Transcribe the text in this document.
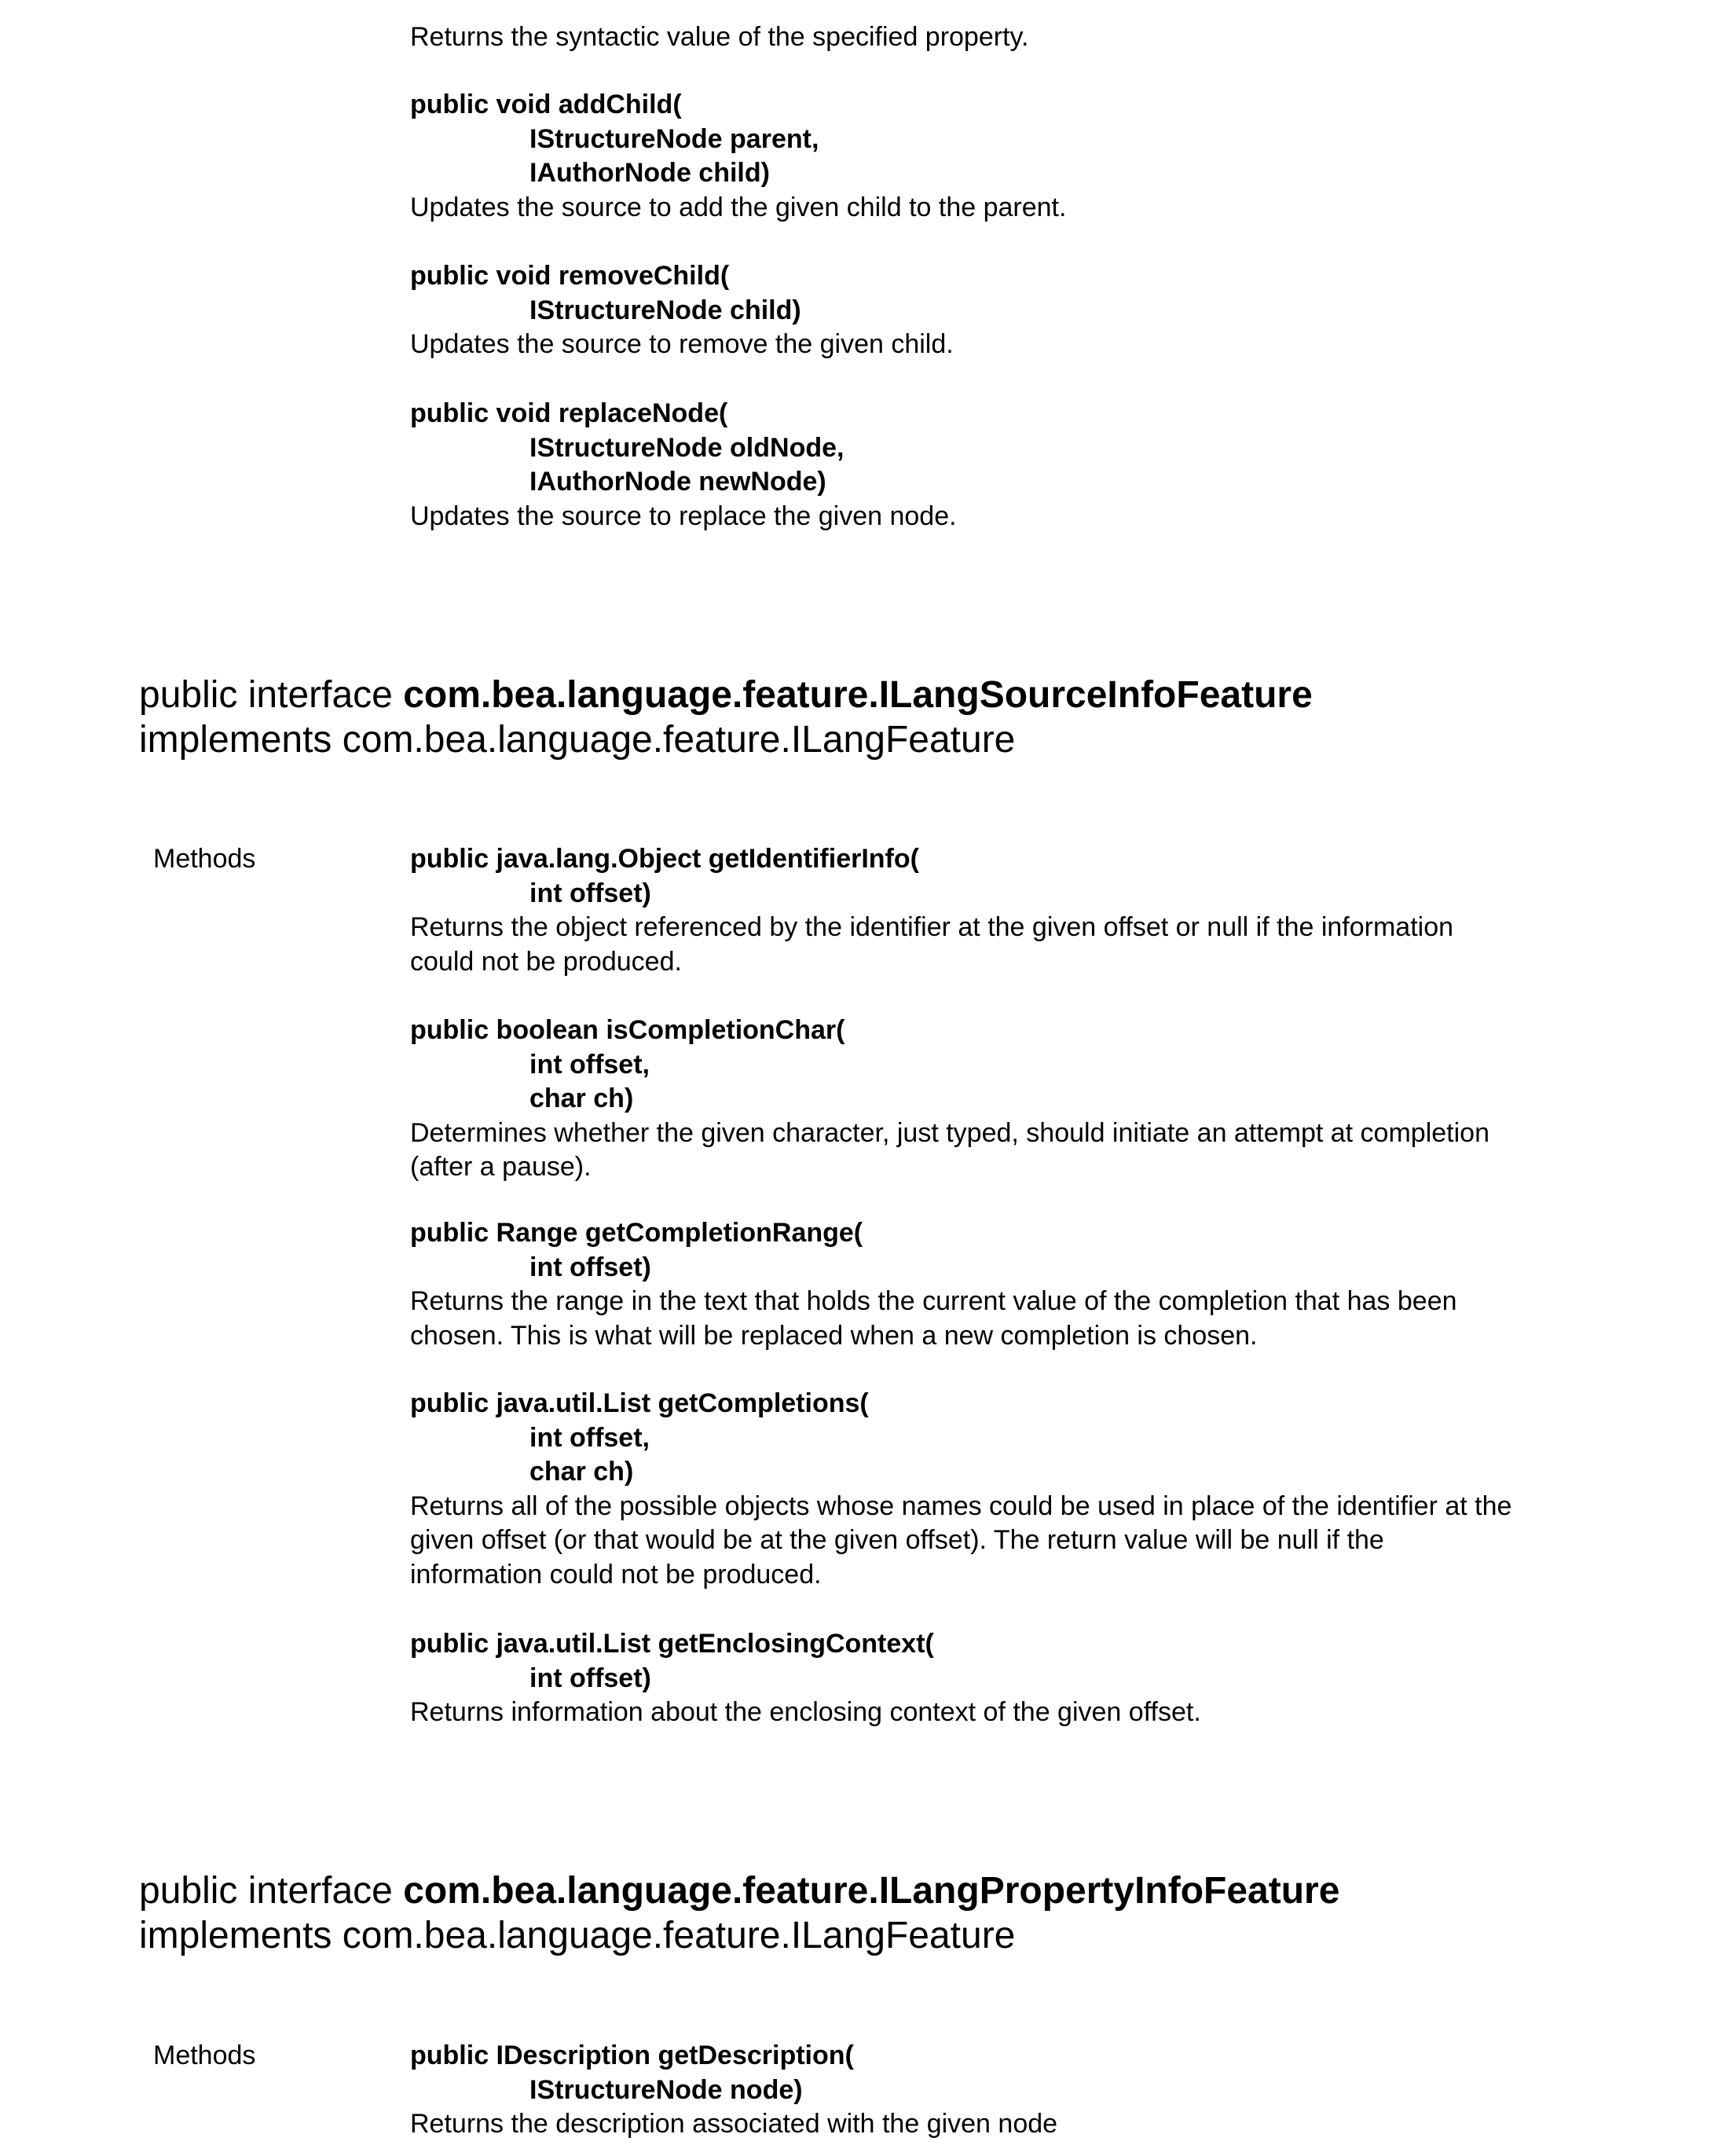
Returns the syntactic value of the specified property.
public void addChild(
IStructureNode parent,
IAuthorNode child)
Updates the source to add the given child to the parent.
public void removeChild(
IStructureNode child)
Updates the source to remove the given child.
public void replaceNode(
IStructureNode oldNode,
IAuthorNode newNode)
Updates the source to replace the given node.
public interface com.bea.language.feature.ILangSourceInfoFeature
implements com.bea.language.feature.ILangFeature
Methods	public java.lang.Object getIdentifierInfo(
int offset)
Returns the object referenced by the identifier at the given offset or null if the information
could not be produced.
public boolean isCompletionChar(
int offset,
char ch)
Determines whether the given character, just typed, should initiate an attempt at completion
(after a pause).
public Range getCompletionRange(
int offset)
Returns the range in the text that holds the current value of the completion that has been
chosen. This is what will be replaced when a new completion is chosen.
public java.util.List getCompletions(
int offset,
char ch)
Returns all of the possible objects whose names could be used in place of the identifier at the
given offset (or that would be at the given offset). The return value will be null if the
information could not be produced.
public java.util.List getEnclosingContext(
int offset)
Returns information about the enclosing context of the given offset.
public interface com.bea.language.feature.ILangPropertyInfoFeature
implements com.bea.language.feature.ILangFeature
Methods	public IDescription getDescription(
IStructureNode node)
Returns the description associated with the given node
